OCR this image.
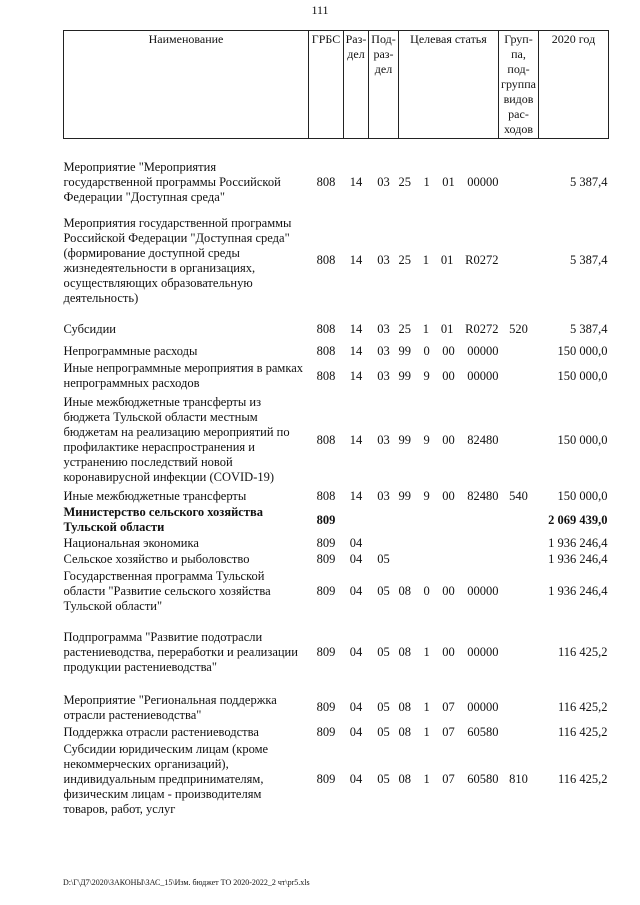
111
Наименование	ГРБС	Раз-дел	Под-раз-дел	Целевая статья	Груп-па, под-группа видов рас-ходов	2020 год

Мероприятие "Мероприятия государственной программы Российской Федерации "Доступная среда"	808	14	03	25 1 01 00000		5 387,4
Мероприятия государственной программы Российской Федерации "Доступная среда" (формирование доступной среды жизнедеятельности в организациях, осуществляющих образовательную деятельность)	808	14	03	25 1 01 R0272		5 387,4

Субсидии	808	14	03	25 1 01 R0272	520	5 387,4
Непрограммные расходы	808	14	03	99 0 00 00000		150 000,0
Иные непрограммные мероприятия в рамках непрограммных расходов	808	14	03	99 9 00 00000		150 000,0
Иные межбюджетные трансферты из бюджета Тульской области местным бюджетам на реализацию мероприятий по профилактике нераспространения и устранению последствий новой коронавирусной инфекции (COVID-19)	808	14	03	99 9 00 82480		150 000,0
Иные межбюджетные трансферты	808	14	03	99 9 00 82480	540	150 000,0
Министерство сельского хозяйства Тульской области	809					2 069 439,0
Национальная экономика	809	04				1 936 246,4
Сельское хозяйство и рыболовство	809	04	05			1 936 246,4
Государственная программа Тульской области "Развитие сельского хозяйства Тульской области"	809	04	05	08 0 00 00000		1 936 246,4

Подпрограмма "Развитие подотрасли растениеводства, переработки и реализации продукции растениеводства"	809	04	05	08 1 00 00000		116 425,2

Мероприятие "Региональная поддержка отрасли растениеводства"	809	04	05	08 1 07 00000		116 425,2
Поддержка отрасли растениеводства	809	04	05	08 1 07 60580		116 425,2
Субсидии юридическим лицам (кроме некоммерческих организаций), индивидуальным предпринимателям, физическим лицам - производителям товаров, работ, услуг	809	04	05	08 1 07 60580	810	116 425,2
D:\Г\Д7\2020\ЗАКОНЫ\ЗАС_15\Изм. бюджет ТО 2020-2022_2 чт\pr5.xls
